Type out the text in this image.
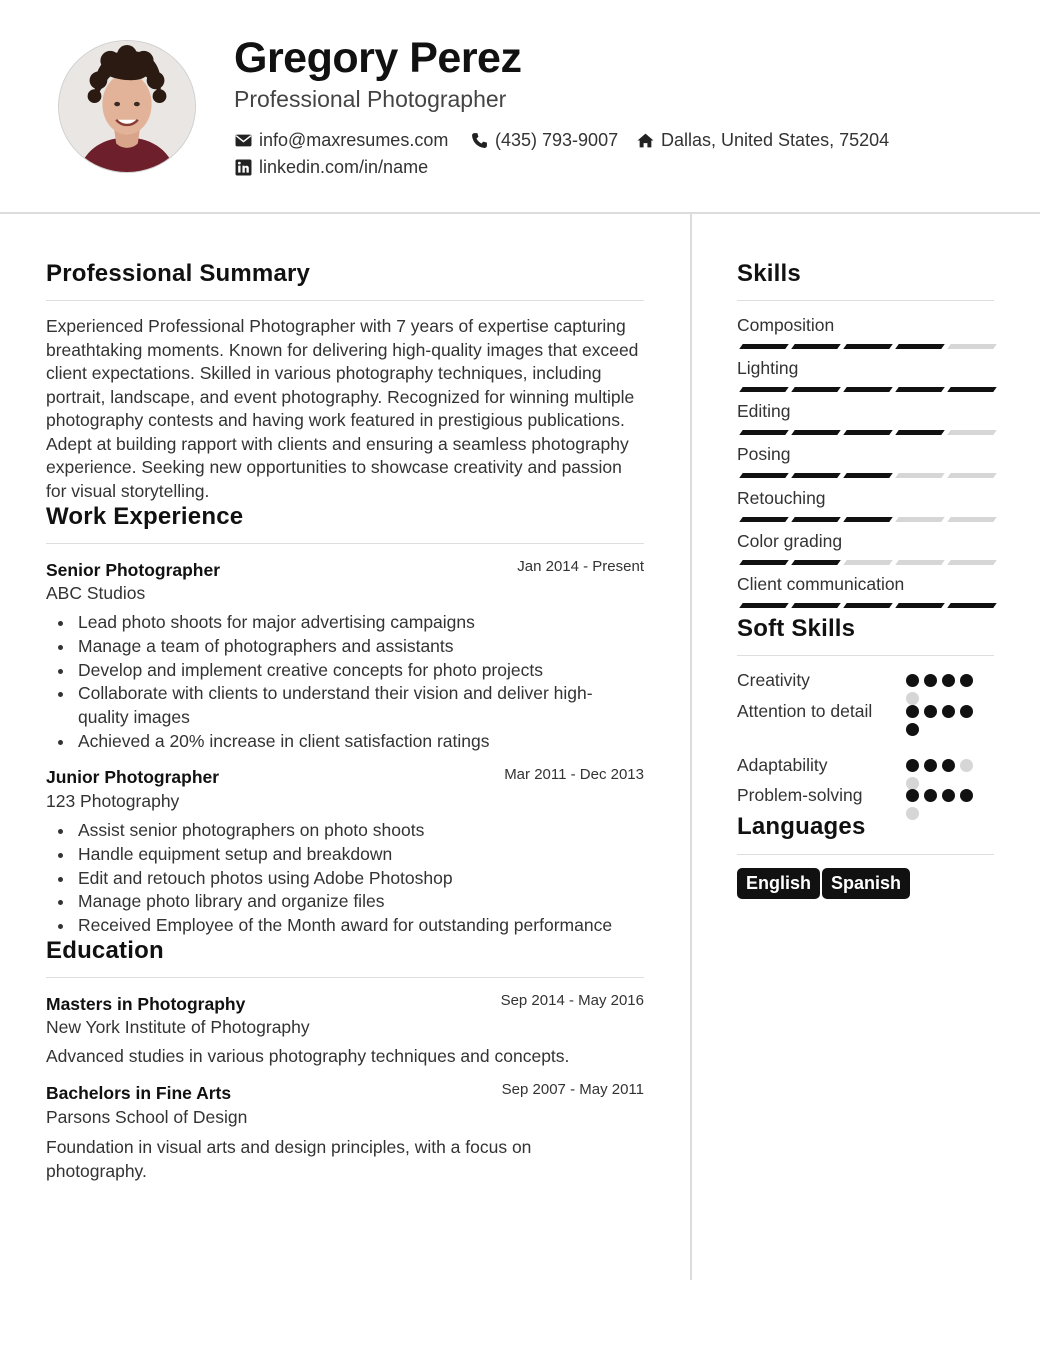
Gregory Perez
Professional Photographer
info@maxresumes.com	(435) 793-9007 Dallas, United States, 75204
linkedin.com/in/name
Professional Summary
Experienced Professional Photographer with 7 years of expertise capturing breathtaking moments. Known for delivering high-quality images that exceed client expectations. Skilled in various photography techniques, including portrait, landscape, and event photography. Recognized for winning multiple photography contests and having work featured in prestigious publications. Adept at building rapport with clients and ensuring a seamless photography experience. Seeking new opportunities to showcase creativity and passion for visual storytelling.
Work Experience
Senior Photographer	Jan 2014 - Present
ABC Studios
Lead photo shoots for major advertising campaigns
Manage a team of photographers and assistants
Develop and implement creative concepts for photo projects
Collaborate with clients to understand their vision and deliver high-quality images
Achieved a 20% increase in client satisfaction ratings
Junior Photographer	Mar 2011 - Dec 2013
123 Photography
Assist senior photographers on photo shoots
Handle equipment setup and breakdown
Edit and retouch photos using Adobe Photoshop
Manage photo library and organize files
Received Employee of the Month award for outstanding performance
Education
Masters in Photography	Sep 2014 - May 2016
New York Institute of Photography
Advanced studies in various photography techniques and concepts.
Bachelors in Fine Arts	Sep 2007 - May 2011
Parsons School of Design
Foundation in visual arts and design principles, with a focus on photography.
Skills
Composition
Lighting
Editing
Posing
Retouching
Color grading
Client communication
Soft Skills
Creativity
Attention to detail
Adaptability
Problem-solving
Languages
English	Spanish
